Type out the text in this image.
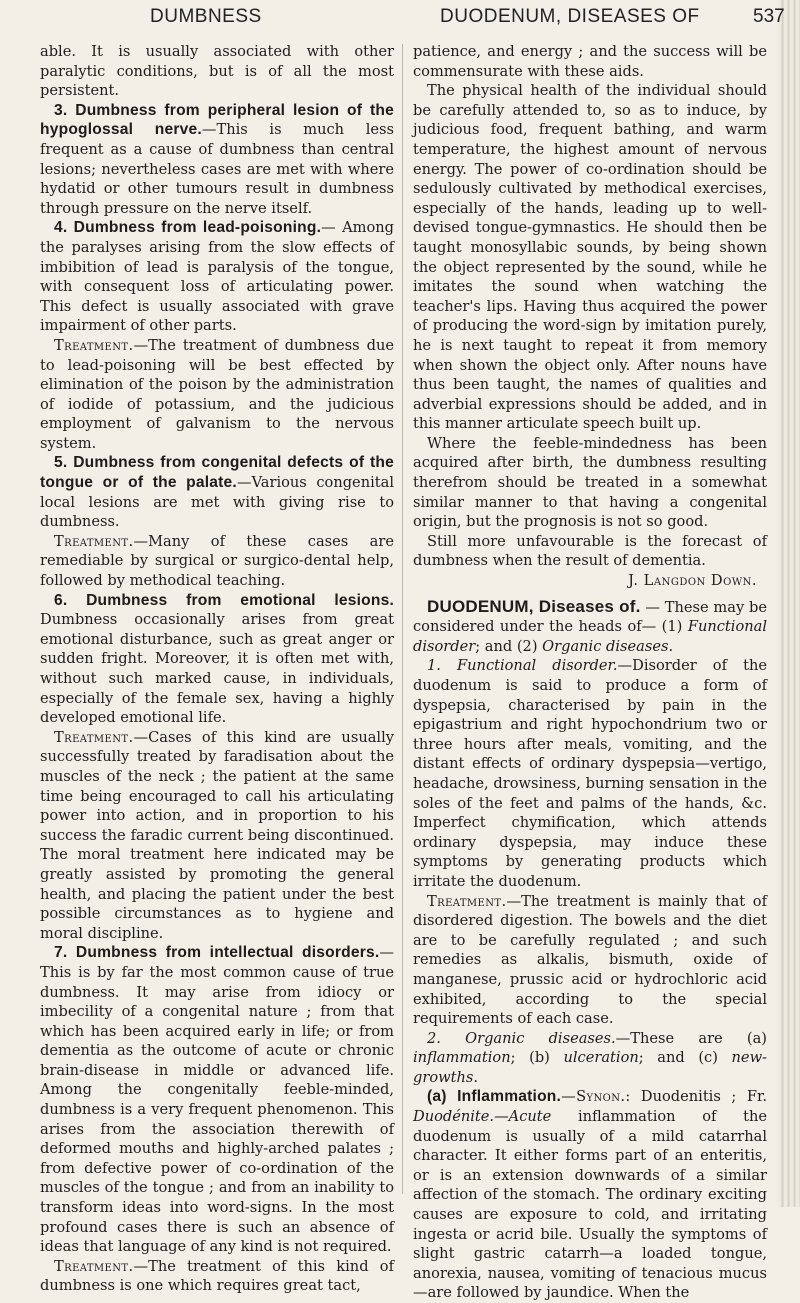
DUMBNESS	DUODENUM, DISEASES OF	537

able. It is usually associated with other paralytic conditions, but is of all the most persistent.

3. Dumbness from peripheral lesion of the hypoglossal nerve.—This is much less frequent as a cause of dumbness than central lesions; nevertheless cases are met with where hydatid or other tumours result in dumbness through pressure on the nerve itself.

4. Dumbness from lead-poisoning.— Among the paralyses arising from the slow effects of imbibition of lead is paralysis of the tongue, with consequent loss of articulating power. This defect is usually associated with grave impairment of other parts.

Treatment.—The treatment of dumbness due to lead-poisoning will be best effected by elimination of the poison by the administration of iodide of potassium, and the judicious employment of galvanism to the nervous system.

5. Dumbness from congenital defects of the tongue or of the palate.—Various congenital local lesions are met with giving rise to dumbness.

Treatment.—Many of these cases are remediable by surgical or surgico-dental help, followed by methodical teaching.

6. Dumbness from emotional lesions. Dumbness occasionally arises from great emotional disturbance, such as great anger or sudden fright. Moreover, it is often met with, without such marked cause, in individuals, especially of the female sex, having a highly developed emotional life.

Treatment.—Cases of this kind are usually successfully treated by faradisation about the muscles of the neck ; the patient at the same time being encouraged to call his articulating power into action, and in proportion to his success the faradic current being discontinued. The moral treatment here indicated may be greatly assisted by promoting the general health, and placing the patient under the best possible circumstances as to hygiene and moral discipline.

7. Dumbness from intellectual disorders.—This is by far the most common cause of true dumbness. It may arise from idiocy or imbecility of a congenital nature ; from that which has been acquired early in life; or from dementia as the outcome of acute or chronic brain-disease in middle or advanced life. Among the congenitally feeble-minded, dumbness is a very frequent phenomenon. This arises from the association therewith of deformed mouths and highly-arched palates ; from defective power of co-ordination of the muscles of the tongue ; and from an inability to transform ideas into word-signs. In the most profound cases there is such an absence of ideas that language of any kind is not required.

Treatment.—The treatment of this kind of dumbness is one which requires great tact,

patience, and energy ; and the success will be commensurate with these aids.

The physical health of the individual should be carefully attended to, so as to induce, by judicious food, frequent bathing, and warm temperature, the highest amount of nervous energy. The power of co-ordination should be sedulously cultivated by methodical exercises, especially of the hands, leading up to well-devised tongue-gymnastics. He should then be taught monosyllabic sounds, by being shown the object represented by the sound, while he imitates the sound when watching the teacher's lips. Having thus acquired the power of producing the word-sign by imitation purely, he is next taught to repeat it from memory when shown the object only. After nouns have thus been taught, the names of qualities and adverbial expressions should be added, and in this manner articulate speech built up.

Where the feeble-mindedness has been acquired after birth, the dumbness resulting therefrom should be treated in a somewhat similar manner to that having a congenital origin, but the prognosis is not so good.

Still more unfavourable is the forecast of dumbness when the result of dementia.

J. Langdon Down.

DUODENUM, Diseases of. — These may be considered under the heads of— (1) Functional disorder; and (2) Organic diseases.

1. Functional disorder.—Disorder of the duodenum is said to produce a form of dyspepsia, characterised by pain in the epigastrium and right hypochondrium two or three hours after meals, vomiting, and the distant effects of ordinary dyspepsia—vertigo, headache, drowsiness, burning sensation in the soles of the feet and palms of the hands, &c. Imperfect chymification, which attends ordinary dyspepsia, may induce these symptoms by generating products which irritate the duodenum.

Treatment.—The treatment is mainly that of disordered digestion. The bowels and the diet are to be carefully regulated ; and such remedies as alkalis, bismuth, oxide of manganese, prussic acid or hydrochloric acid exhibited, according to the special requirements of each case.

2. Organic diseases.—These are (a) inflammation; (b) ulceration; and (c) new-growths.

(a) Inflammation.—Synon.: Duodenitis ; Fr. Duodénite.—Acute inflammation of the duodenum is usually of a mild catarrhal character. It either forms part of an enteritis, or is an extension downwards of a similar affection of the stomach. The ordinary exciting causes are exposure to cold, and irritating ingesta or acrid bile. Usually the symptoms of slight gastric catarrh—a loaded tongue, anorexia, nausea, vomiting of tenacious mucus —are followed by jaundice. When the
